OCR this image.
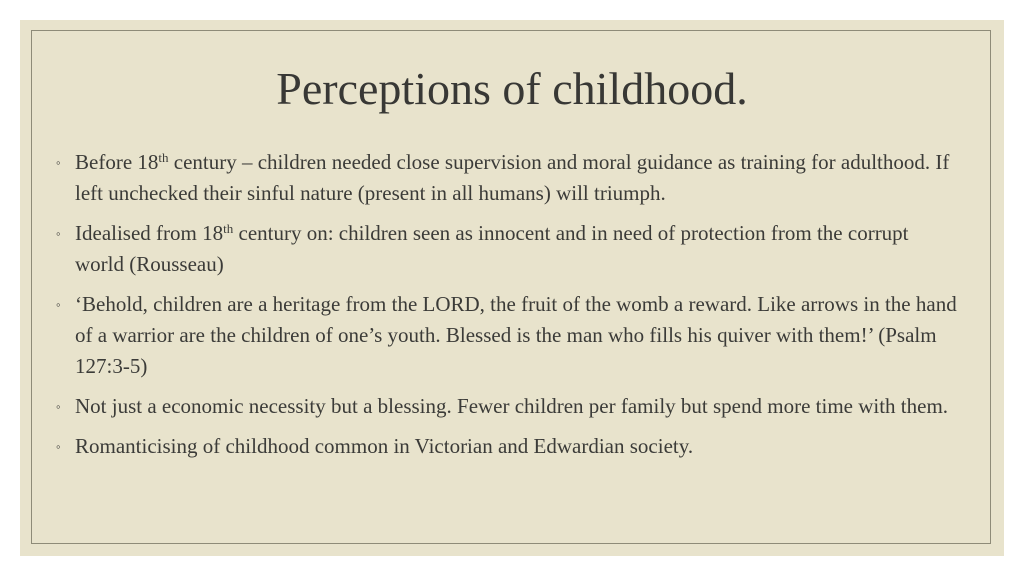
Perceptions of childhood.
◦ Before 18th century – children needed close supervision and moral guidance as training for adulthood. If left unchecked their sinful nature (present in all humans) will triumph.
◦ Idealised from 18th century on: children seen as innocent and in need of protection from the corrupt world (Rousseau)
◦ ‘Behold, children are a heritage from the LORD, the fruit of the womb a reward. Like arrows in the hand of a warrior are the children of one’s youth. Blessed is the man who fills his quiver with them!’ (Psalm 127:3-5)
◦ Not just a economic necessity but a blessing. Fewer children per family but spend more time with them.
◦ Romanticising of childhood common in Victorian and Edwardian society.
